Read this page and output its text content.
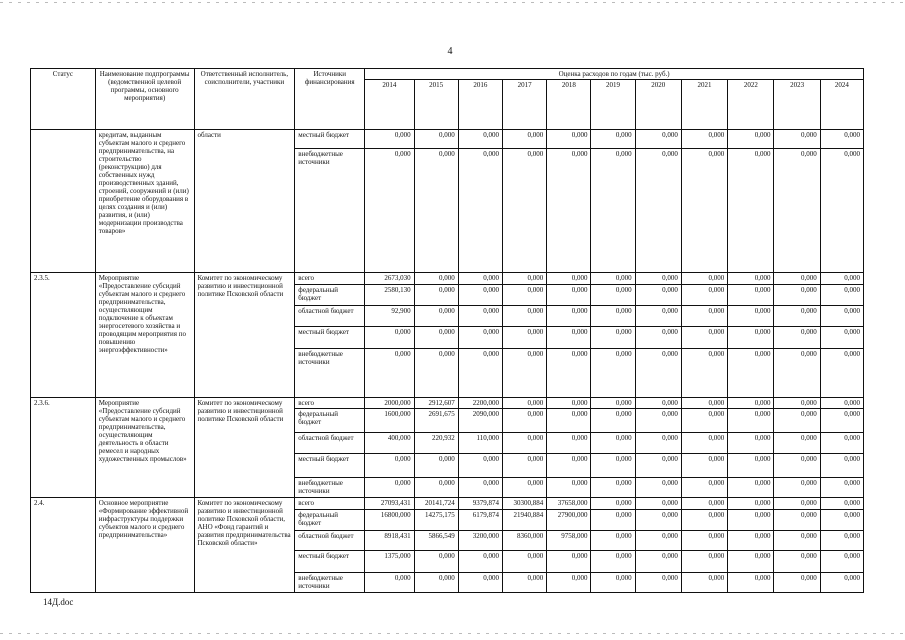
4
Статус	Наименование подпрограммы (ведомственной целевой программы, основного мероприятия)	Ответственный исполнитель, соисполнители, участники	Источники финансирования	Оценка расходов по годам (тыс. руб.)										
				2014	2015	2016	2017	2018	2019	2020	2021	2022	2023	2024
	кредитам, выданным субъектам малого и среднего предпринимательства, на строительство (реконструкцию) для собственных нужд производственных зданий, строений, сооружений и (или) приобретение оборудования в целях создания и (или) развития, и (или) модернизации производства товаров»	области	местный бюджет	0,000	0,000	0,000	0,000	0,000	0,000	0,000	0,000	0,000	0,000	0,000
			внебюджетные источники	0,000	0,000	0,000	0,000	0,000	0,000	0,000	0,000	0,000	0,000	0,000
2.3.5.	Мероприятие «Предоставление субсидий субъектам малого и среднего предпринимательства, осуществляющим подключение к объектам энергосетевого хозяйства и проводящим мероприятия по повышению энергоэффективности»	Комитет по экономическому развитию и инвестиционной политике Псковской области	всего	2673,030	0,000	0,000	0,000	0,000	0,000	0,000	0,000	0,000	0,000	0,000
			федеральный бюджет	2580,130	0,000	0,000	0,000	0,000	0,000	0,000	0,000	0,000	0,000	0,000
			областной бюджет	92,900	0,000	0,000	0,000	0,000	0,000	0,000	0,000	0,000	0,000	0,000
			местный бюджет	0,000	0,000	0,000	0,000	0,000	0,000	0,000	0,000	0,000	0,000	0,000
			внебюджетные источники	0,000	0,000	0,000	0,000	0,000	0,000	0,000	0,000	0,000	0,000	0,000
2.3.6.	Мероприятие «Предоставление субсидий субъектам малого и среднего предпринимательства, осуществляющим деятельность в области ремесел и народных художественных промыслов»	Комитет по экономическому развитию и инвестиционной политике Псковской области	всего	2000,000	2912,607	2200,000	0,000	0,000	0,000	0,000	0,000	0,000	0,000	0,000
			федеральный бюджет	1600,000	2691,675	2090,000	0,000	0,000	0,000	0,000	0,000	0,000	0,000	0,000
			областной бюджет	400,000	220,932	110,000	0,000	0,000	0,000	0,000	0,000	0,000	0,000	0,000
			местный бюджет	0,000	0,000	0,000	0,000	0,000	0,000	0,000	0,000	0,000	0,000	0,000
			внебюджетные источники	0,000	0,000	0,000	0,000	0,000	0,000	0,000	0,000	0,000	0,000	0,000
2.4.	Основное мероприятие «Формирование эффективной инфраструктуры поддержки субъектов малого и среднего предпринимательства»	Комитет по экономическому развитию и инвестиционной политике Псковской области, АНО «Фонд гарантий и развития предпринимательства Псковской области»	всего	27093,431	20141,724	9379,874	30300,884	37658,000	0,000	0,000	0,000	0,000	0,000	0,000
			федеральный бюджет	16800,000	14275,175	6179,874	21940,884	27900,000	0,000	0,000	0,000	0,000	0,000	0,000
			областной бюджет	8918,431	5866,549	3200,000	8360,000	9758,000	0,000	0,000	0,000	0,000	0,000	0,000
			местный бюджет	1375,000	0,000	0,000	0,000	0,000	0,000	0,000	0,000	0,000	0,000	0,000
			внебюджетные источники	0,000	0,000	0,000	0,000	0,000	0,000	0,000	0,000	0,000	0,000	0,000
14Д.doc
